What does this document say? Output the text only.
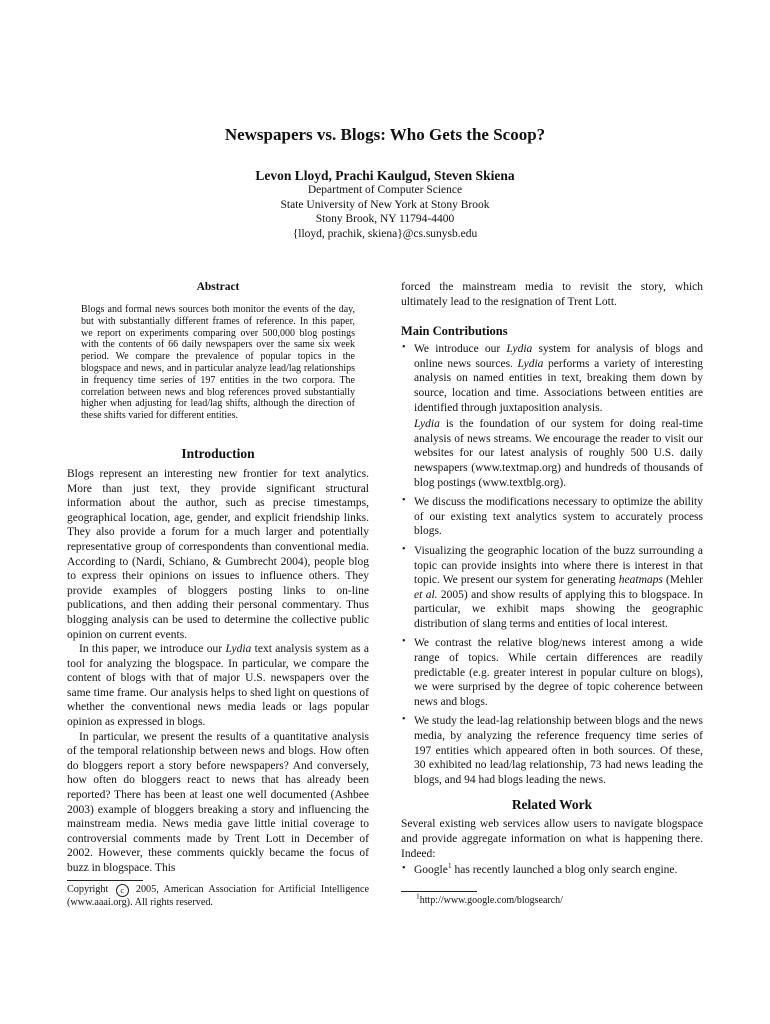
Newspapers vs. Blogs: Who Gets the Scoop?
Levon Lloyd, Prachi Kaulgud, Steven Skiena
Department of Computer Science
State University of New York at Stony Brook
Stony Brook, NY 11794-4400
{lloyd, prachik, skiena}@cs.sunysb.edu
Abstract

Blogs and formal news sources both monitor the events of the day, but with substantially different frames of reference. In this paper, we report on experiments comparing over 500,000 blog postings with the contents of 66 daily newspapers over the same six week period. We compare the prevalence of popular topics in the blogspace and news, and in particular analyze lead/lag relationships in frequency time series of 197 entities in the two corpora. The correlation between news and blog references proved substantially higher when adjusting for lead/lag shifts, although the direction of these shifts varied for different entities.

Introduction

Blogs represent an interesting new frontier for text analytics. More than just text, they provide significant structural information about the author, such as precise timestamps, geographical location, age, gender, and explicit friendship links. They also provide a forum for a much larger and potentially representative group of correspondents than conventional media. According to (Nardi, Schiano, & Gumbrecht 2004), people blog to express their opinions on issues to influence others. They provide examples of bloggers posting links to on-line publications, and then adding their personal commentary. Thus blogging analysis can be used to determine the collective public opinion on current events.

In this paper, we introduce our Lydia text analysis system as a tool for analyzing the blogspace. In particular, we compare the content of blogs with that of major U.S. newspapers over the same time frame. Our analysis helps to shed light on questions of whether the conventional news media leads or lags popular opinion as expressed in blogs.

In particular, we present the results of a quantitative analysis of the temporal relationship between news and blogs. How often do bloggers report a story before newspapers? And conversely, how often do bloggers react to news that has already been reported? There has been at least one well documented (Ashbee 2003) example of bloggers breaking a story and influencing the mainstream media. News media gave little initial coverage to controversial comments made by Trent Lott in December of 2002. However, these comments quickly became the focus of buzz in blogspace. This

Copyright c 2005, American Association for Artificial Intelligence (www.aaai.org). All rights reserved.

forced the mainstream media to revisit the story, which ultimately lead to the resignation of Trent Lott.

Main Contributions
• We introduce our Lydia system for analysis of blogs and online news sources. Lydia performs a variety of interesting analysis on named entities in text, breaking them down by source, location and time. Associations between entities are identified through juxtaposition analysis.

Lydia is the foundation of our system for doing real-time analysis of news streams. We encourage the reader to visit our websites for our latest analysis of roughly 500 U.S. daily newspapers (www.textmap.org) and hundreds of thousands of blog postings (www.textblg.org).

• We discuss the modifications necessary to optimize the ability of our existing text analytics system to accurately process blogs.

• Visualizing the geographic location of the buzz surrounding a topic can provide insights into where there is interest in that topic. We present our system for generating heatmaps (Mehler et al. 2005) and show results of applying this to blogspace. In particular, we exhibit maps showing the geographic distribution of slang terms and entities of local interest.

• We contrast the relative blog/news interest among a wide range of topics. While certain differences are readily predictable (e.g. greater interest in popular culture on blogs), we were surprised by the degree of topic coherence between news and blogs.

• We study the lead-lag relationship between blogs and the news media, by analyzing the reference frequency time series of 197 entities which appeared often in both sources. Of these, 30 exhibited no lead/lag relationship, 73 had news leading the blogs, and 94 had blogs leading the news.

Related Work

Several existing web services allow users to navigate blogspace and provide aggregate information on what is happening there. Indeed:

• Google$^1$ has recently launched a blog only search engine.

$^1$http://www.google.com/blogsearch/
